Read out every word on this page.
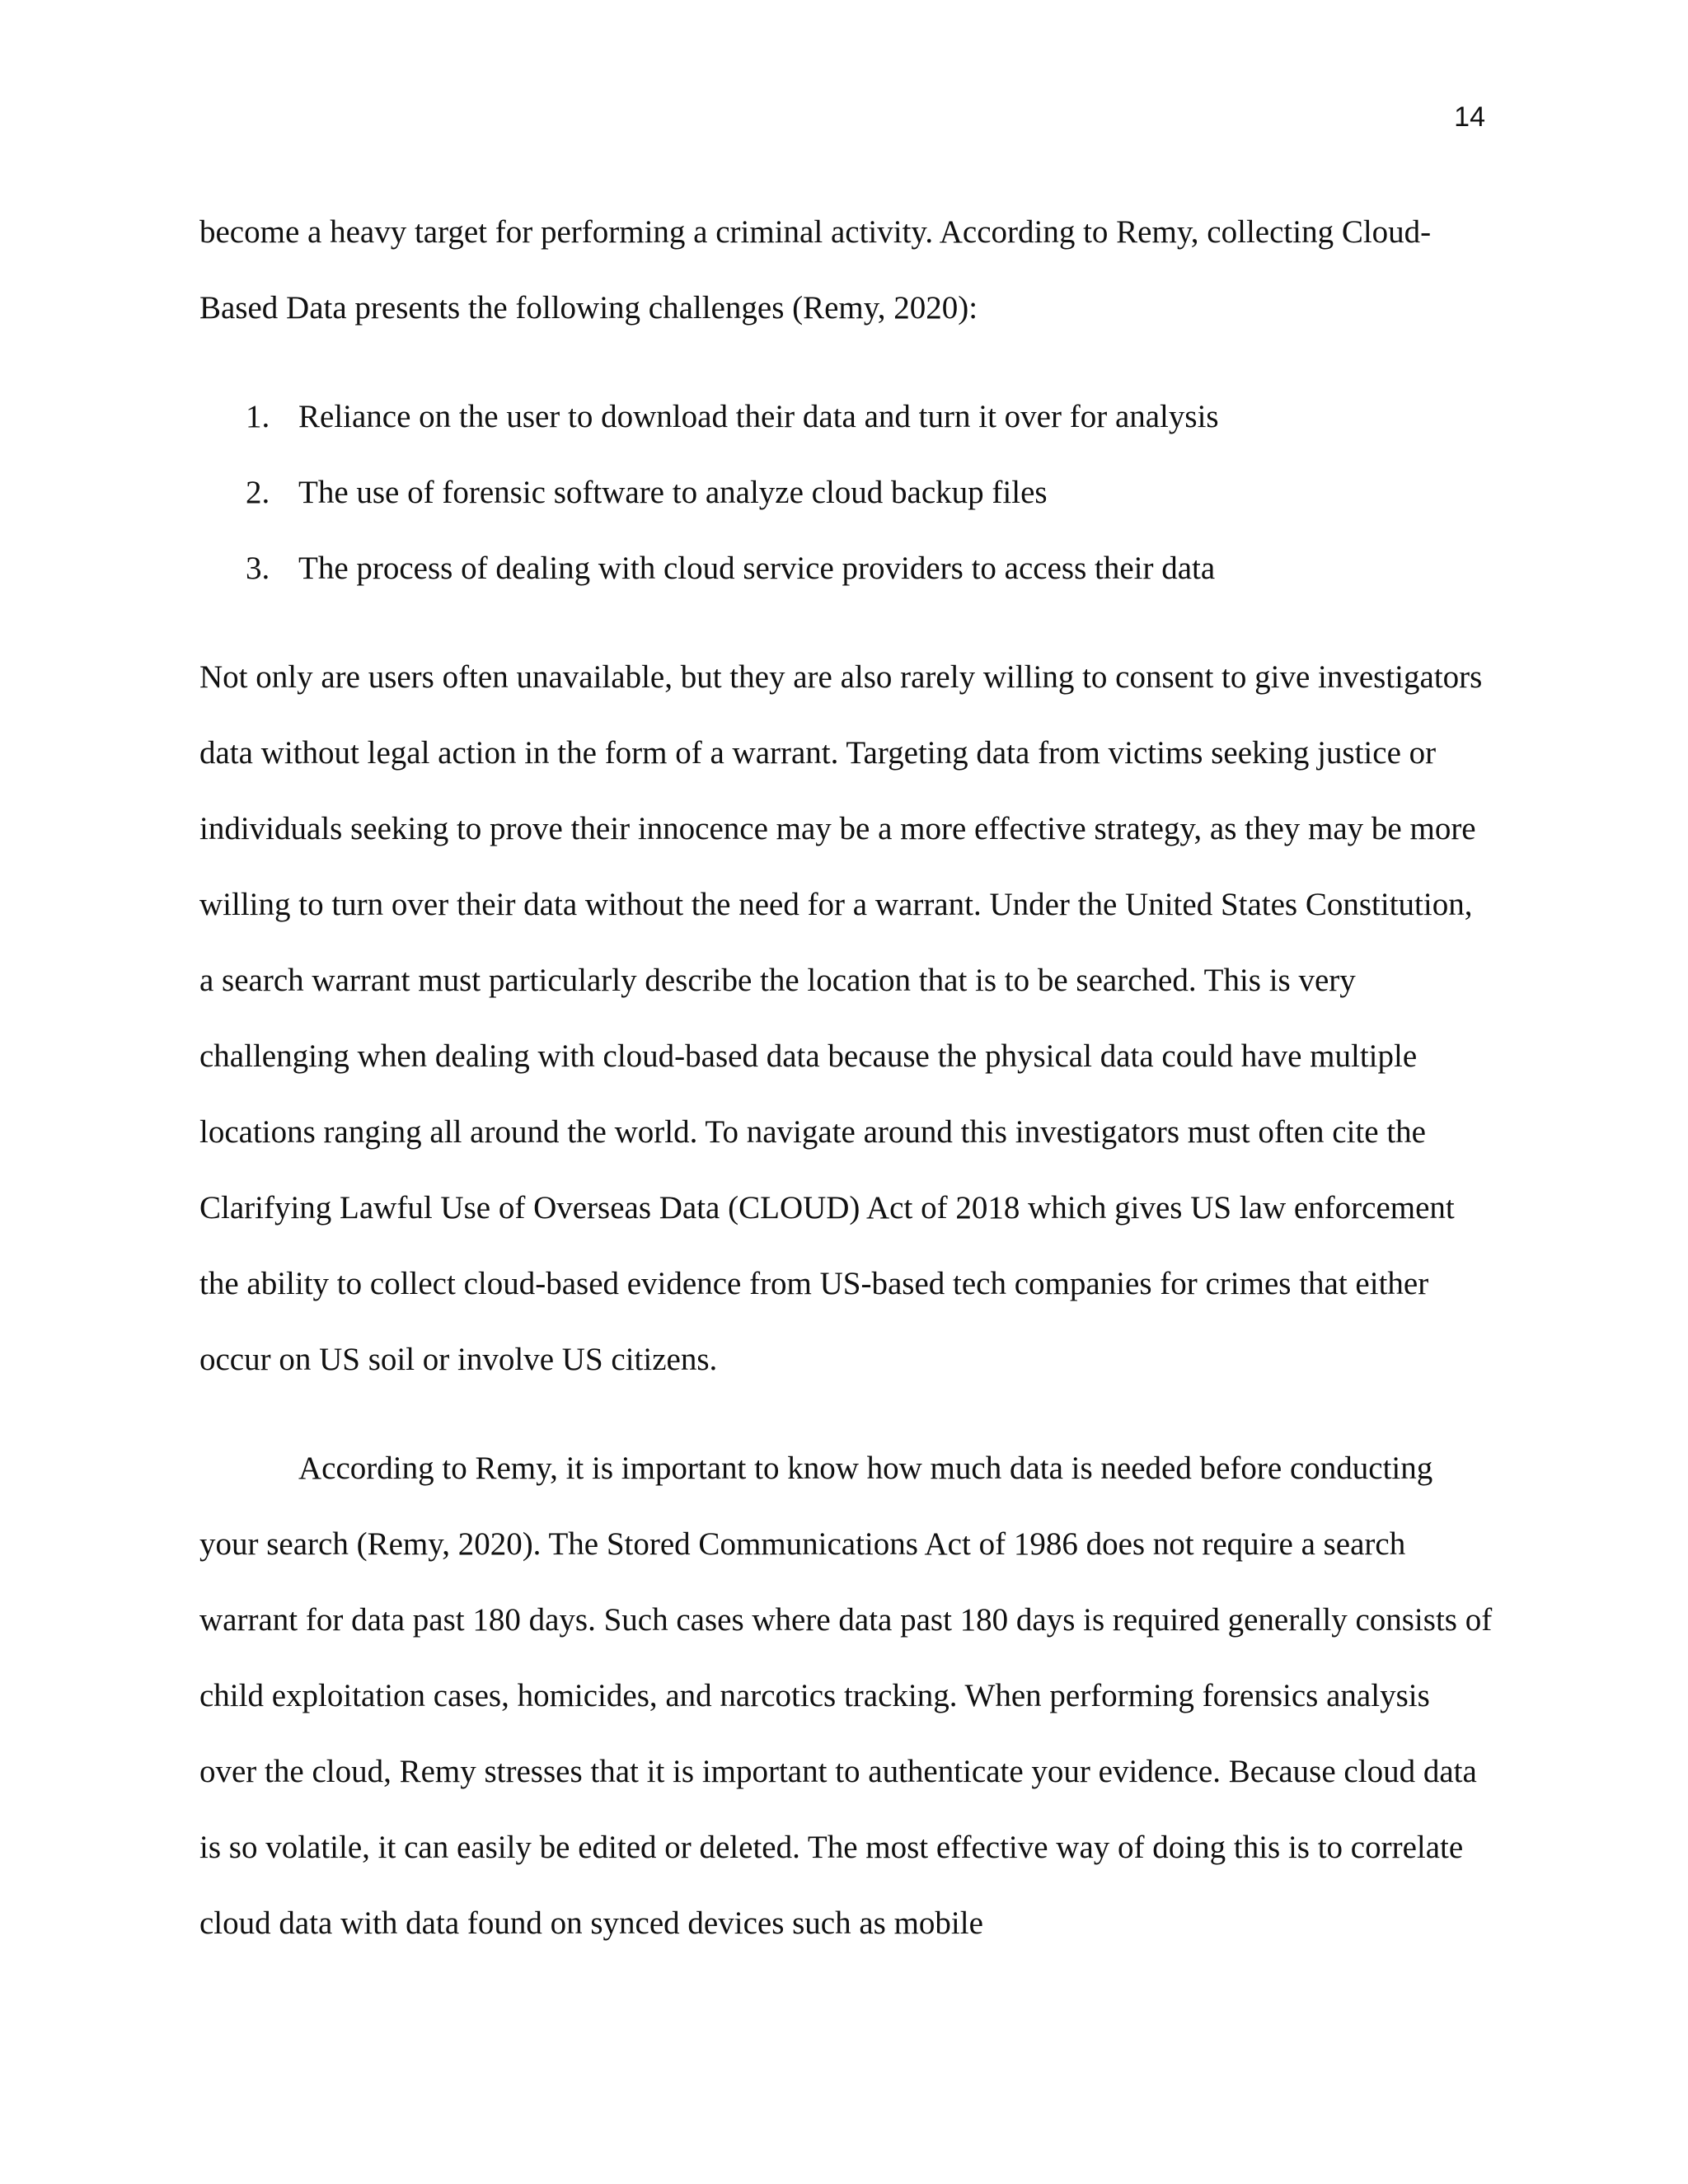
14

become a heavy target for performing a criminal activity. According to Remy, collecting Cloud-Based Data presents the following challenges (Remy, 2020):

1. Reliance on the user to download their data and turn it over for analysis
2. The use of forensic software to analyze cloud backup files
3. The process of dealing with cloud service providers to access their data

Not only are users often unavailable, but they are also rarely willing to consent to give investigators data without legal action in the form of a warrant. Targeting data from victims seeking justice or individuals seeking to prove their innocence may be a more effective strategy, as they may be more willing to turn over their data without the need for a warrant. Under the United States Constitution, a search warrant must particularly describe the location that is to be searched. This is very challenging when dealing with cloud-based data because the physical data could have multiple locations ranging all around the world. To navigate around this investigators must often cite the Clarifying Lawful Use of Overseas Data (CLOUD) Act of 2018 which gives US law enforcement the ability to collect cloud-based evidence from US-based tech companies for crimes that either occur on US soil or involve US citizens.

According to Remy, it is important to know how much data is needed before conducting your search (Remy, 2020). The Stored Communications Act of 1986 does not require a search warrant for data past 180 days. Such cases where data past 180 days is required generally consists of child exploitation cases, homicides, and narcotics tracking. When performing forensics analysis over the cloud, Remy stresses that it is important to authenticate your evidence. Because cloud data is so volatile, it can easily be edited or deleted. The most effective way of doing this is to correlate cloud data with data found on synced devices such as mobile
